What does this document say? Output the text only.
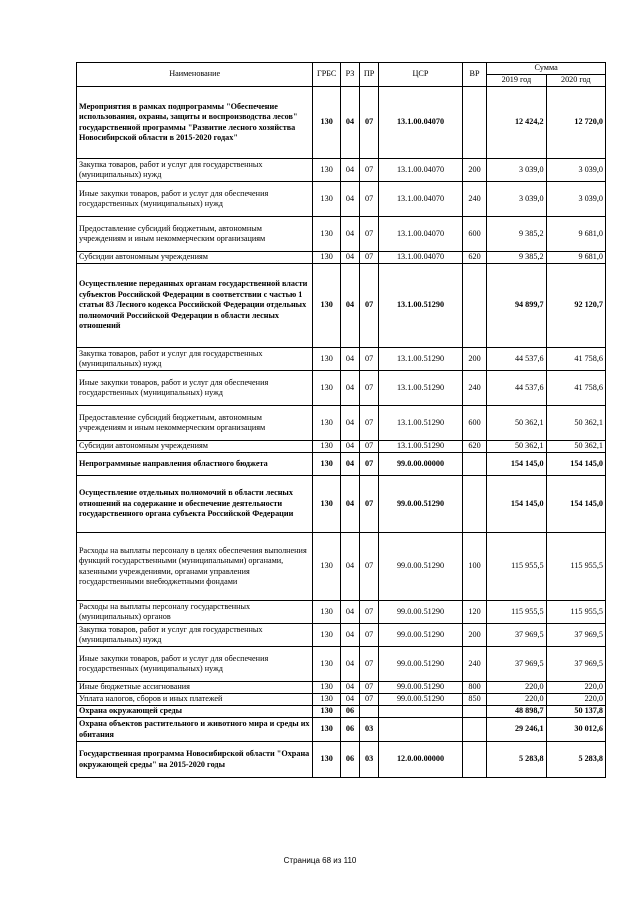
Наименование	ГРБС	РЗ	ПР	ЦСР	ВР	Сумма	
						2019 год	2020 год
Мероприятия в рамках подпрограммы "Обеспечение использования, охраны, защиты и воспроизводства лесов" государственной программы "Развитие лесного хозяйства Новосибирской области в 2015-2020 годах"	130	04	07	13.1.00.04070		12 424,2	12 720,0
Закупка товаров, работ и услуг для государственных (муниципальных) нужд	130	04	07	13.1.00.04070	200	3 039,0	3 039,0
Иные закупки товаров, работ и услуг для обеспечения государственных (муниципальных) нужд	130	04	07	13.1.00.04070	240	3 039,0	3 039,0
Предоставление субсидий бюджетным, автономным учреждениям и иным некоммерческим организациям	130	04	07	13.1.00.04070	600	9 385,2	9 681,0
Субсидии автономным учреждениям	130	04	07	13.1.00.04070	620	9 385,2	9 681,0
Осуществление переданных органам государственной власти субъектов Российской Федерации в соответствии с частью 1 статьи 83 Лесного кодекса Российской Федерации отдельных полномочий Российской Федерации в области лесных отношений	130	04	07	13.1.00.51290		94 899,7	92 120,7
Закупка товаров, работ и услуг для государственных (муниципальных) нужд	130	04	07	13.1.00.51290	200	44 537,6	41 758,6
Иные закупки товаров, работ и услуг для обеспечения государственных (муниципальных) нужд	130	04	07	13.1.00.51290	240	44 537,6	41 758,6
Предоставление субсидий бюджетным, автономным учреждениям и иным некоммерческим организациям	130	04	07	13.1.00.51290	600	50 362,1	50 362,1
Субсидии автономным учреждениям	130	04	07	13.1.00.51290	620	50 362,1	50 362,1
Непрограммные направления областного бюджета	130	04	07	99.0.00.00000		154 145,0	154 145,0
Осуществление отдельных полномочий в области лесных отношений на содержание и обеспечение деятельности государственного органа субъекта Российской Федерации	130	04	07	99.0.00.51290		154 145,0	154 145,0
Расходы на выплаты персоналу в целях обеспечения выполнения функций государственными (муниципальными) органами, казенными учреждениями, органами управления государственными внебюджетными фондами	130	04	07	99.0.00.51290	100	115 955,5	115 955,5
Расходы на выплаты персоналу государственных (муниципальных) органов	130	04	07	99.0.00.51290	120	115 955,5	115 955,5
Закупка товаров, работ и услуг для государственных (муниципальных) нужд	130	04	07	99.0.00.51290	200	37 969,5	37 969,5
Иные закупки товаров, работ и услуг для обеспечения государственных (муниципальных) нужд	130	04	07	99.0.00.51290	240	37 969,5	37 969,5
Иные бюджетные ассигнования	130	04	07	99.0.00.51290	800	220,0	220,0
Уплата налогов, сборов и иных платежей	130	04	07	99.0.00.51290	850	220,0	220,0
Охрана окружающей среды	130	06				48 898,7	50 137,8
Охрана объектов растительного и животного мира и среды их обитания	130	06	03			29 246,1	30 012,6
Государственная программа Новосибирской области "Охрана окружающей среды" на 2015-2020 годы	130	06	03	12.0.00.00000		5 283,8	5 283,8
Страница 68 из 110
